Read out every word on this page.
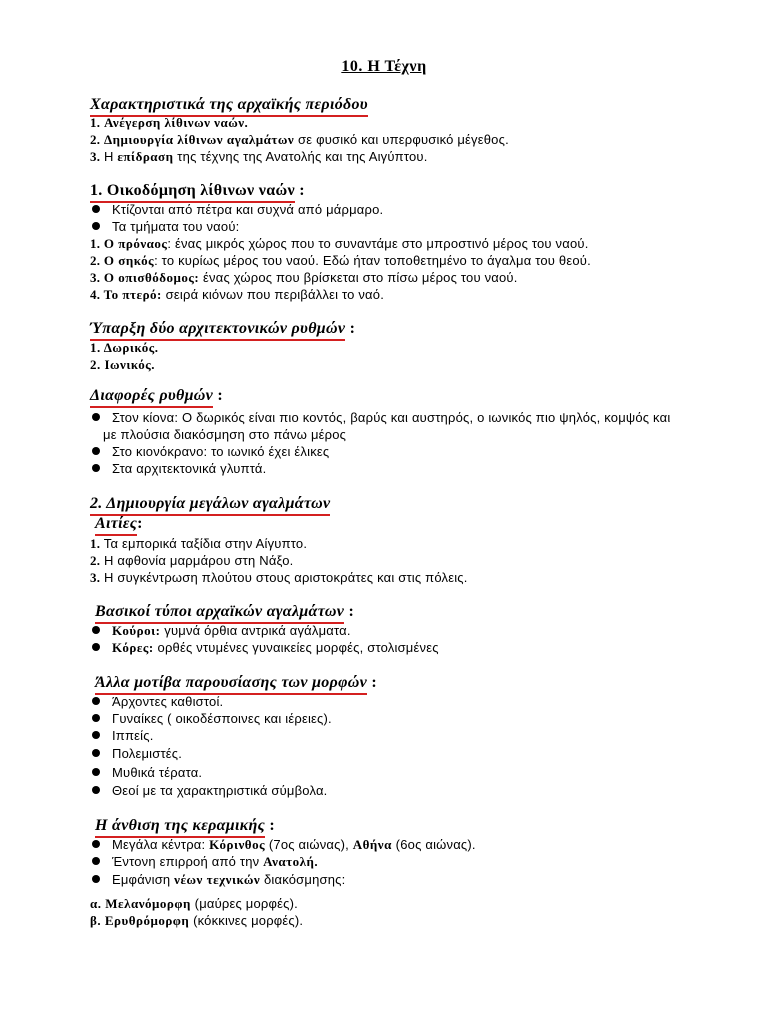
10. Η Τέχνη
Χαρακτηριστικά της αρχαϊκής περιόδου
1. Ανέγερση λίθινων ναών.
2. Δημιουργία λίθινων αγαλμάτων σε φυσικό και υπερφυσικό μέγεθος.
3. Η επίδραση της τέχνης της Ανατολής και της Αιγύπτου.
1. Οικοδόμηση λίθινων ναών :
Κτίζονται από πέτρα και συχνά από μάρμαρο.
Τα τμήματα του ναού:
1. Ο πρόναος: ένας μικρός χώρος που το συναντάμε στο μπροστινό μέρος του ναού.
2. Ο σηκός: το κυρίως μέρος του ναού. Εδώ ήταν τοποθετημένο το άγαλμα του θεού.
3. Ο οπισθόδομος: ένας χώρος που βρίσκεται στο πίσω μέρος του ναού.
4. Το πτερό: σειρά κιόνων που περιβάλλει το ναό.
Ύπαρξη δύο αρχιτεκτονικών ρυθμών :
1. Δωρικός.
2. Ιωνικός.
Διαφορές ρυθμών :
Στον κίονα: Ο δωρικός είναι πιο κοντός, βαρύς και αυστηρός, ο ιωνικός πιο ψηλός, κομψός και
με πλούσια διακόσμηση στο πάνω μέρος
Στο κιονόκρανο: το ιωνικό έχει έλικες
Στα αρχιτεκτονικά γλυπτά.
2. Δημιουργία μεγάλων αγαλμάτων
Αιτίες:
1. Τα εμπορικά ταξίδια στην Αίγυπτο.
2. Η αφθονία μαρμάρου στη Νάξο.
3. Η συγκέντρωση πλούτου στους αριστοκράτες και στις πόλεις.
Βασικοί τύποι αρχαϊκών αγαλμάτων :
Κούροι: γυμνά όρθια αντρικά αγάλματα.
Κόρες: ορθές ντυμένες γυναικείες μορφές, στολισμένες
Άλλα μοτίβα παρουσίασης των μορφών :
Άρχοντες καθιστοί.
Γυναίκες ( οικοδέσποινες και ιέρειες).
Ιππείς.
Πολεμιστές.
Μυθικά τέρατα.
Θεοί με τα χαρακτηριστικά σύμβολα.
Η άνθιση της κεραμικής :
Μεγάλα κέντρα: Κόρινθος (7ος αιώνας), Αθήνα (6ος αιώνας).
Έντονη επιρροή από την Ανατολή.
Εμφάνιση νέων τεχνικών διακόσμησης:
α. Μελανόμορφη (μαύρες μορφές).
β. Ερυθρόμορφη (κόκκινες μορφές).
